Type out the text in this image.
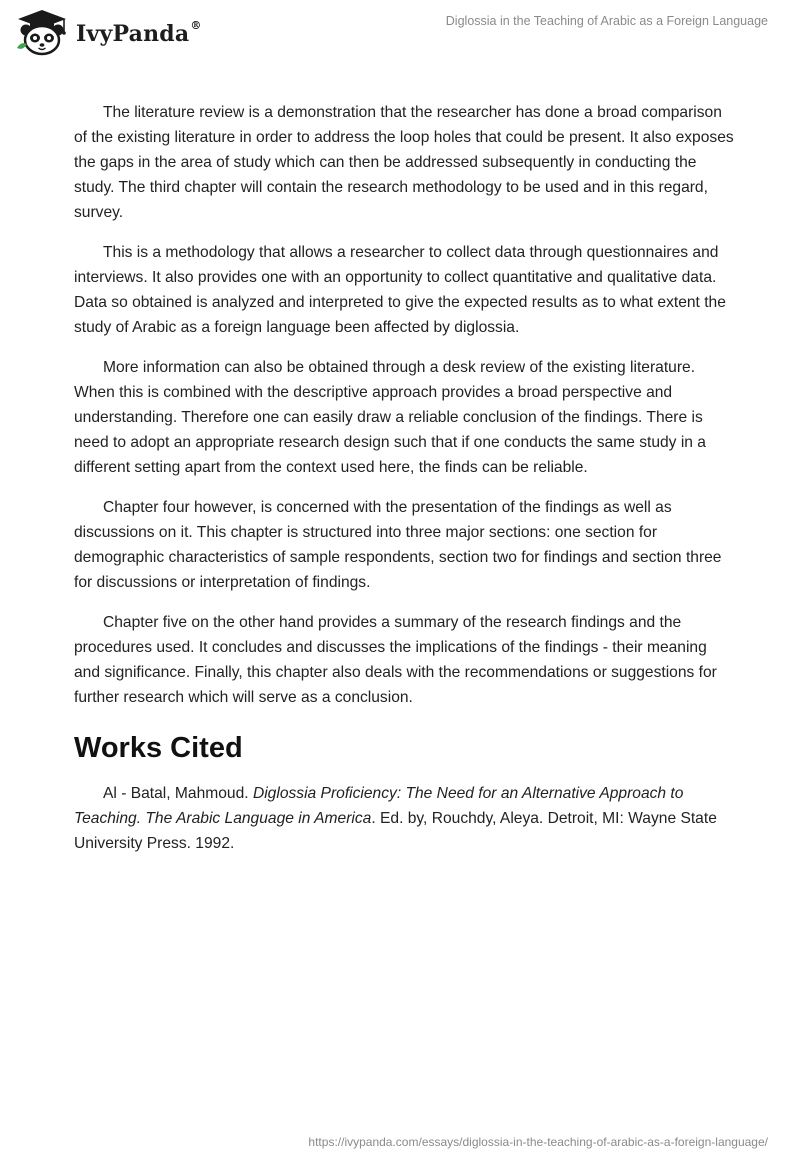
IvyPanda®	Diglossia in the Teaching of Arabic as a Foreign Language

The literature review is a demonstration that the researcher has done a broad comparison of the existing literature in order to address the loop holes that could be present. It also exposes the gaps in the area of study which can then be addressed subsequently in conducting the study. The third chapter will contain the research methodology to be used and in this regard, survey.

This is a methodology that allows a researcher to collect data through questionnaires and interviews. It also provides one with an opportunity to collect quantitative and qualitative data. Data so obtained is analyzed and interpreted to give the expected results as to what extent the study of Arabic as a foreign language been affected by diglossia.

More information can also be obtained through a desk review of the existing literature. When this is combined with the descriptive approach provides a broad perspective and understanding. Therefore one can easily draw a reliable conclusion of the findings. There is need to adopt an appropriate research design such that if one conducts the same study in a different setting apart from the context used here, the finds can be reliable.

Chapter four however, is concerned with the presentation of the findings as well as discussions on it. This chapter is structured into three major sections: one section for demographic characteristics of sample respondents, section two for findings and section three for discussions or interpretation of findings.

Chapter five on the other hand provides a summary of the research findings and the procedures used. It concludes and discusses the implications of the findings - their meaning and significance. Finally, this chapter also deals with the recommendations or suggestions for further research which will serve as a conclusion.

Works Cited

Al - Batal, Mahmoud. Diglossia Proficiency: The Need for an Alternative Approach to Teaching. The Arabic Language in America. Ed. by, Rouchdy, Aleya. Detroit, MI: Wayne State University Press. 1992.

https://ivypanda.com/essays/diglossia-in-the-teaching-of-arabic-as-a-foreign-language/
